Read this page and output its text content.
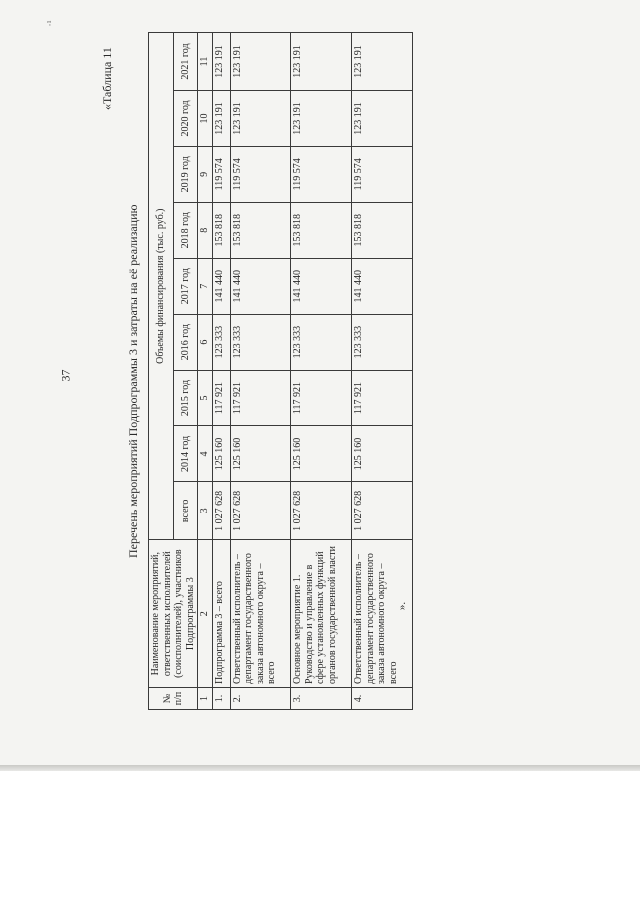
·¹
37
«Таблица 11
Перечень мероприятий Подпрограммы 3 и затраты на её реализацию
».
№ п/п	Наименование мероприятий, ответственных исполнителей (соисполнителей), участников Подпрограммы 3	Объемы финансирования (тыс. руб.)								
		всего	2014 год	2015 год	2016 год	2017 год	2018 год	2019 год	2020 год	2021 год
1	2	3	4	5	6	7	8	9	10	11
1.	Подпрограмма 3 – всего	1 027 628	125 160	117 921	123 333	141 440	153 818	119 574	123 191	123 191
2.	Ответственный исполнитель – департамент государственного заказа автономного округа – всего	1 027 628	125 160	117 921	123 333	141 440	153 818	119 574	123 191	123 191
3.	Основное мероприятие 1. Руководство и управление в сфере установленных функций органов государственной власти	1 027 628	125 160	117 921	123 333	141 440	153 818	119 574	123 191	123 191
4.	Ответственный исполнитель – департамент государственного заказа автономного округа – всего	1 027 628	125 160	117 921	123 333	141 440	153 818	119 574	123 191	123 191
